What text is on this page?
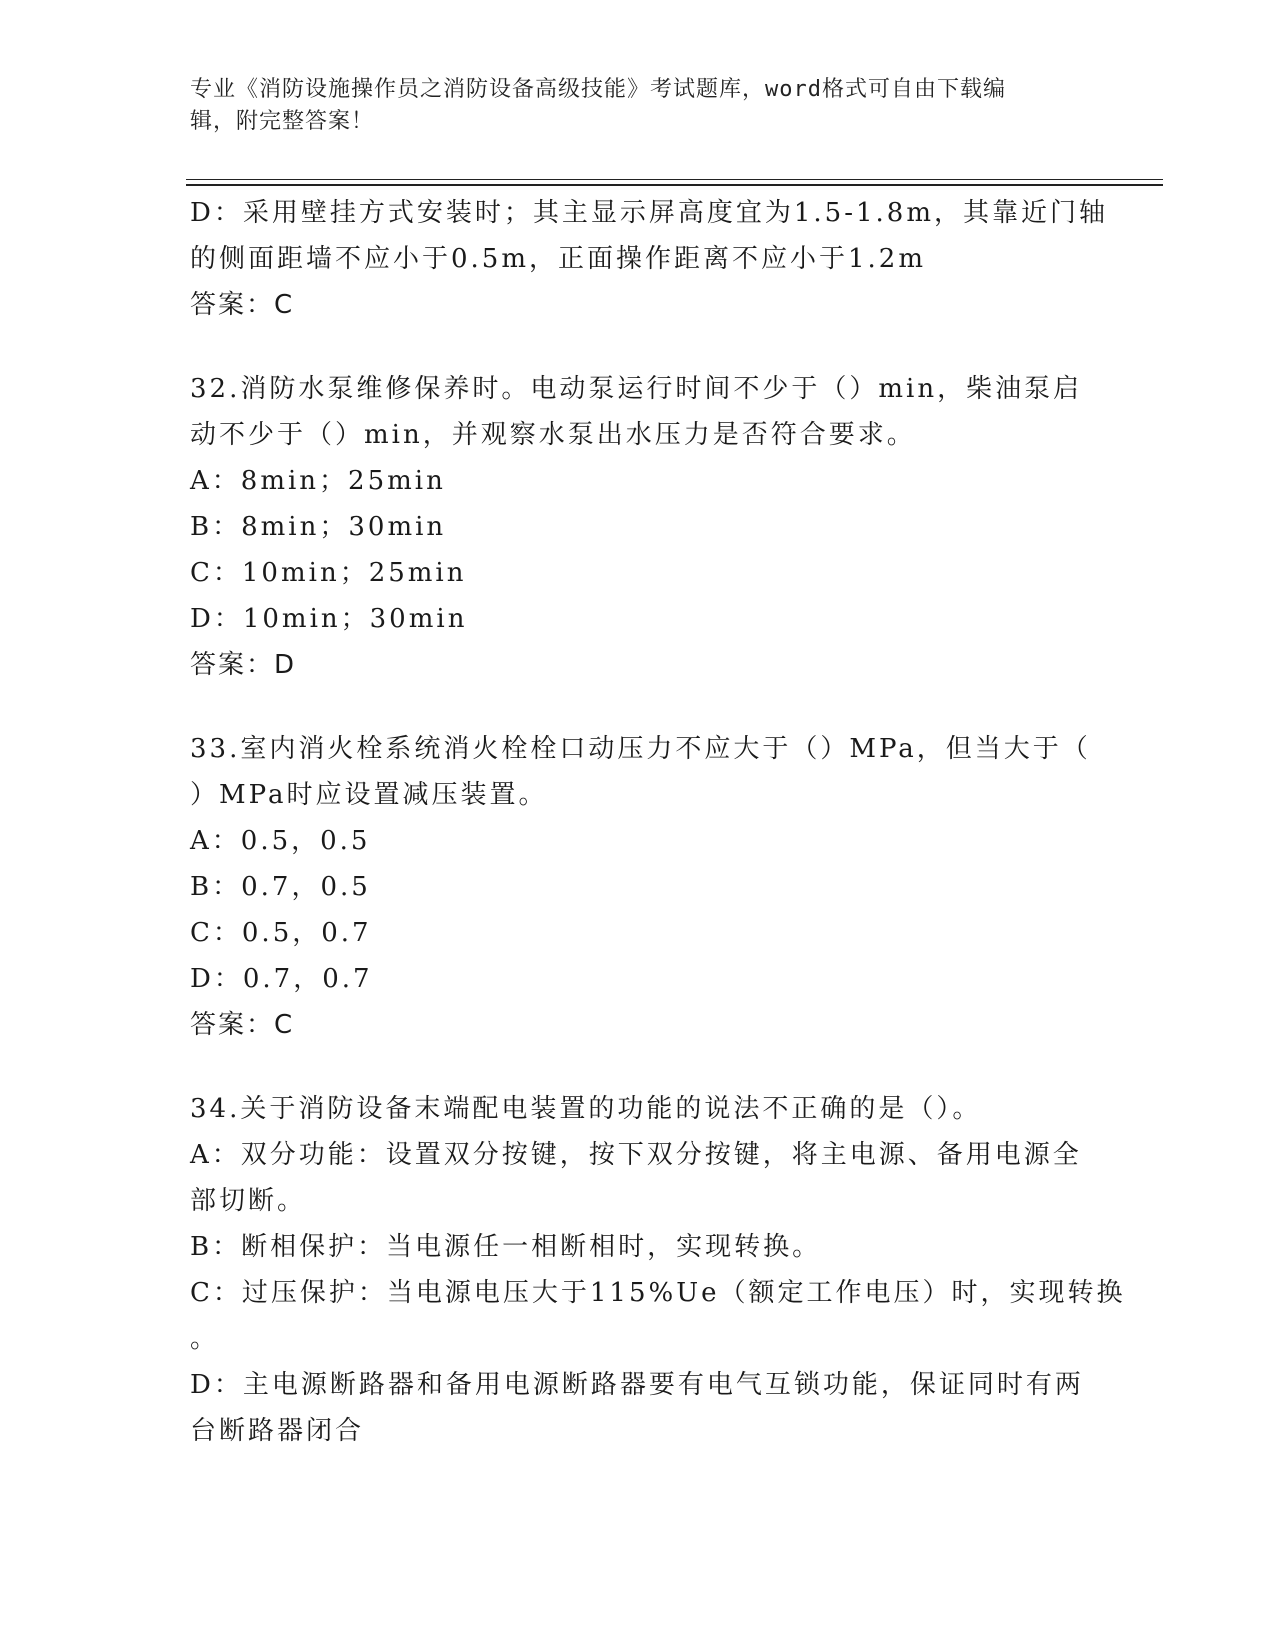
专业《消防设施操作员之消防设备高级技能》考试题库，word格式可自由下载编
辑，附完整答案！
D：采用壁挂方式安装时；其主显示屏高度宜为1.5-1.8m，其靠近门轴
的侧面距墙不应小于0.5m，正面操作距离不应小于1.2m
答案：C
32.消防水泵维修保养时。电动泵运行时间不少于（）min，柴油泵启
动不少于（）min，并观察水泵出水压力是否符合要求。
A：8min；25min
B：8min；30min
C：10min；25min
D：10min；30min
答案：D
33.室内消火栓系统消火栓栓口动压力不应大于（）MPa，但当大于（
）MPa时应设置减压装置。
A：0.5，0.5
B：0.7，0.5
C：0.5，0.7
D：0.7，0.7
答案：C
34.关于消防设备末端配电装置的功能的说法不正确的是（）。
A：双分功能：设置双分按键，按下双分按键，将主电源、备用电源全
部切断。
B：断相保护：当电源任一相断相时，实现转换。
C：过压保护：当电源电压大于115%Ue（额定工作电压）时，实现转换
。
D：主电源断路器和备用电源断路器要有电气互锁功能，保证同时有两
台断路器闭合
